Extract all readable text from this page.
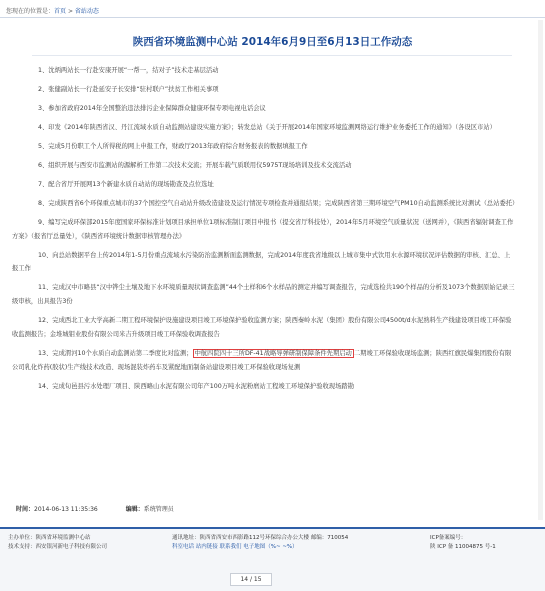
您现在的位置是：首页 > 省站动态
陕西省环境监测中心站 2014年6月9日至6月13日工作动态

1、沈炳两站长一行赴安康开展“一帮一，结对子”技术走基层活动

2、张健副站长一行赴延安子长安排“驻村联户”扶贫工作相关事项

3、参加省政府2014年全国整治违法排污企业保障群众健康环保专项电视电话会议

4、印发《2014年陕西省汉、丹江流域水质自动监测站建设实施方案》；转发总站《关于开展2014年国家环境监测网络运行维护业务委托工作的通知》（各设区市站）

5、完成5月份职工个人所得税的网上申报工作，财政厅2013年政府综合财务报表的数据填报工作

6、组织开展与西安市监测站的源解析工作第二次技术交流；开展车载气质联用仪5975T现场培训及技术交流活动

7、配合省厅开展网13个新建水质自动站的现场勘查及点位选址

8、完成陕西省6个环保重点城市的37个国控空气自动站升级改造建设及运行情况专项检查并通报结果；完成陕西省第三期环境空气PM10自动监测系统比对测试（总站委托）

9、编写完成环保部2015年度国家环保标准计划项目承担单位1项标准制订项目申报书（提交省厅科技处），2014年5月环境空气质量状况（送网并），《陕西省辐射调查工作方案》（报省厅总量处），《陕西省环境统计数据审核管理办法》

10、向总站数据平台上传2014年1-5月份重点流域水污染防治监测断面监测数据，完成2014年度我省地级以上城市集中式饮用水水源环境状况评估数据的审核、汇总、上报工作

11、完成汉中市略县“汉中铧尘土壤及地下水环境质量现状调查监测”44个土样和6个水样品的测定并编写调查报告，完成选检共190个样品的分析及1073个数据原始记录三级审核，出具报告3份

12、完成西北工业大学高新二期工程环境保护设施建设项目竣工环境保护验收监测方案；陕西秦岭水泥（集团）股份有限公司4500t/d水泥熟料生产线建设项目竣工环保验收监测报告；金堆城钼业股份有限公司米吉升级项目竣工环保验收调查报告

13、完成渭河10个水质自动监测站第二季度比对监测； 中航四院四十三所DF-41战略导弹研制保障条件先期启动 二期竣工环保验收现场监测；陕西红旗民爆集团股份有限公司乳化炸药(胶状)生产线技术改造、现场混装炸药车及紧配地面制备站建设项目竣工环保验收现场复测

14、完成旬邑县污水处理厂项目、陕西略山水泥有限公司年产100万吨水泥粉磨站工程竣工环境保护验收现场踏勘

时间：2014-06-13 11:35:36	编辑：系统管理员
主办单位：陕西省环境监测中心站
技术支持：西安银河新电子科技有限公司
通讯地址：陕西省西安市西影路112号环保综合办公大楼 邮编：710054
科室电话 站内链接 联系我们 电子地图（%~ ~%）
ICP备案编号：
陕 ICP 备 11004875 号-1
14 / 15
